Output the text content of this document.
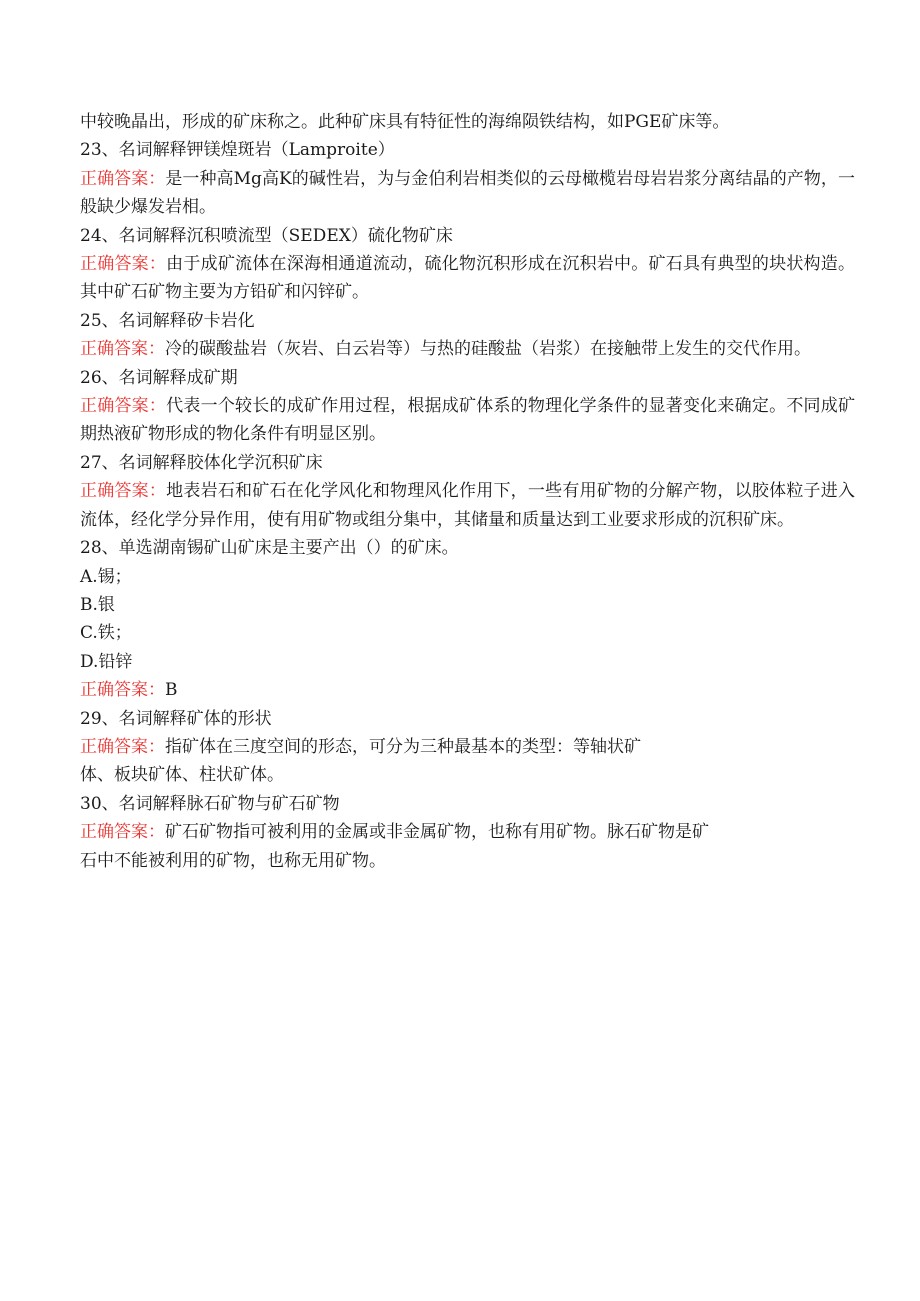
中较晚晶出，形成的矿床称之。此种矿床具有特征性的海绵陨铁结构，如PGE矿床等。
23、名词解释钾镁煌斑岩（Lamproite）
正确答案：是一种高Mg高K的碱性岩，为与金伯利岩相类似的云母橄榄岩母岩岩浆分离结晶的产物，一般缺少爆发岩相。
24、名词解释沉积喷流型（SEDEX）硫化物矿床
正确答案：由于成矿流体在深海相通道流动，硫化物沉积形成在沉积岩中。矿石具有典型的块状构造。其中矿石矿物主要为方铅矿和闪锌矿。
25、名词解释矽卡岩化
正确答案：冷的碳酸盐岩（灰岩、白云岩等）与热的硅酸盐（岩浆）在接触带上发生的交代作用。
26、名词解释成矿期
正确答案：代表一个较长的成矿作用过程，根据成矿体系的物理化学条件的显著变化来确定。不同成矿期热液矿物形成的物化条件有明显区别。
27、名词解释胶体化学沉积矿床
正确答案：地表岩石和矿石在化学风化和物理风化作用下，一些有用矿物的分解产物，以胶体粒子进入流体，经化学分异作用，使有用矿物或组分集中，其储量和质量达到工业要求形成的沉积矿床。
28、单选湖南锡矿山矿床是主要产出（）的矿床。
A.锡；
B.银
C.铁；
D.铅锌
正确答案：B
29、名词解释矿体的形状
正确答案：指矿体在三度空间的形态，可分为三种最基本的类型：等轴状矿
体、板块矿体、柱状矿体。
30、名词解释脉石矿物与矿石矿物
正确答案：矿石矿物指可被利用的金属或非金属矿物，也称有用矿物。脉石矿物是矿
石中不能被利用的矿物，也称无用矿物。
